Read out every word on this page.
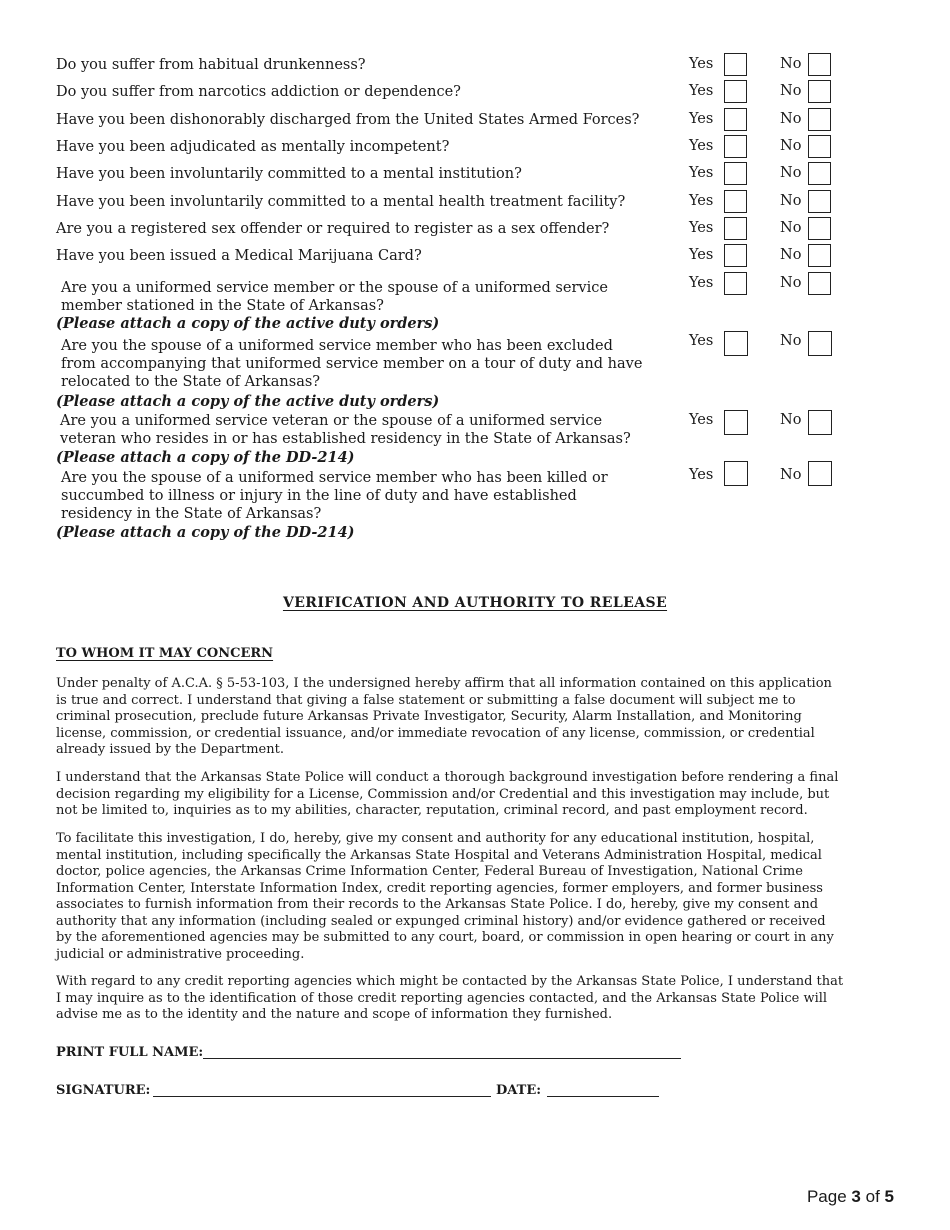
Do you suffer from habitual drunkenness?	Yes	No
Do you suffer from narcotics addiction or dependence?	Yes	No
Have you been dishonorably discharged from the United States Armed Forces?	Yes	No
Have you been adjudicated as mentally incompetent?	Yes	No
Have you been involuntarily committed to a mental institution?	Yes	No
Have you been involuntarily committed to a mental health treatment facility?	Yes	No
Are you a registered sex offender or required to register as a sex offender?	Yes	No
Have you been issued a Medical Marijuana Card?	Yes	No
Are you a uniformed service member or the spouse of a uniformed service
member stationed in the State of Arkansas?
(Please attach a copy of the active duty orders)
Yes	No
Are you the spouse of a uniformed service member who has been excluded
from accompanying that uniformed service member on a tour of duty and have
relocated to the State of Arkansas?
(Please attach a copy of the active duty orders)
Yes	No
Are you a uniformed service veteran or the spouse of a uniformed service
veteran who resides in or has established residency in the State of Arkansas?
(Please attach a copy of the DD-214)
Yes	No
Are you the spouse of a uniformed service member who has been killed or
succumbed to illness or injury in the line of duty and have established
residency in the State of Arkansas?
(Please attach a copy of the DD-214)
Yes	No
VERIFICATION AND AUTHORITY TO RELEASE
TO WHOM IT MAY CONCERN
Under penalty of A.C.A. § 5-53-103, I the undersigned hereby affirm that all information contained on this application
is true and correct. I understand that giving a false statement or submitting a false document will subject me to
criminal prosecution, preclude future Arkansas Private Investigator, Security, Alarm Installation, and Monitoring
license, commission, or credential issuance, and/or immediate revocation of any license, commission, or credential
already issued by the Department.
I understand that the Arkansas State Police will conduct a thorough background investigation before rendering a final
decision regarding my eligibility for a License, Commission and/or Credential and this investigation may include, but
not be limited to, inquiries as to my abilities, character, reputation, criminal record, and past employment record.
To facilitate this investigation, I do, hereby, give my consent and authority for any educational institution, hospital,
mental institution, including specifically the Arkansas State Hospital and Veterans Administration Hospital, medical
doctor, police agencies, the Arkansas Crime Information Center, Federal Bureau of Investigation, National Crime
Information Center, Interstate Information Index, credit reporting agencies, former employers, and former business
associates to furnish information from their records to the Arkansas State Police. I do, hereby, give my consent and
authority that any information (including sealed or expunged criminal history) and/or evidence gathered or received
by the aforementioned agencies may be submitted to any court, board, or commission in open hearing or court in any
judicial or administrative proceeding.
With regard to any credit reporting agencies which might be contacted by the Arkansas State Police, I understand that
I may inquire as to the identification of those credit reporting agencies contacted, and the Arkansas State Police will
advise me as to the identity and the nature and scope of information they furnished.
PRINT FULL NAME:
SIGNATURE:	DATE:
Page 3 of 5
